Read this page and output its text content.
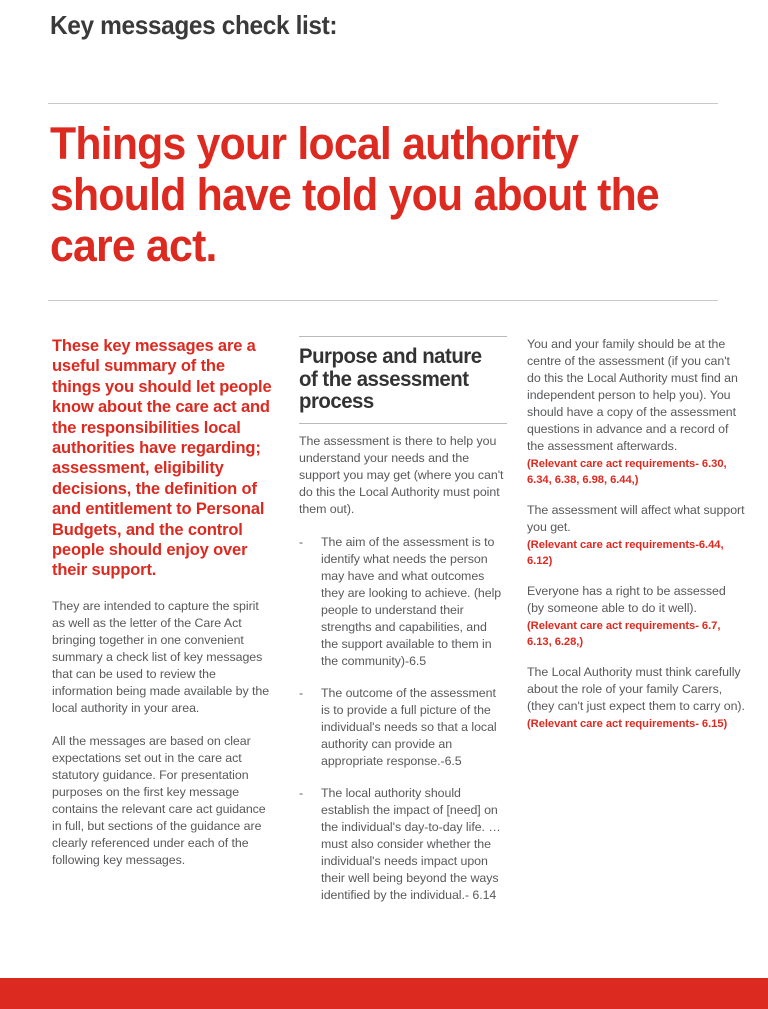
Key messages check list:
Things your local authority should have told you about the care act.
These key messages are a useful summary of the things you should let people know about the care act and the responsibilities local authorities have regarding; assessment, eligibility decisions, the definition of and entitlement to Personal Budgets, and the control people should enjoy over their support.
They are intended to capture the spirit as well as the letter of the Care Act bringing together in one convenient summary a check list of key messages that can be used to review the information being made available by the local authority in your area.
All the messages are based on clear expectations set out in the care act statutory guidance. For presentation purposes on the first key message contains the relevant care act guidance in full, but sections of the guidance are clearly referenced under each of the following key messages.
Purpose and nature of the assessment process
The assessment is there to help you understand your needs and the support you may get (where you can't do this the Local Authority must point them out).
-	The aim of the assessment is to identify what needs the person may have and what outcomes they are looking to achieve. (help people to understand their strengths and capabilities, and the support available to them in the community)-6.5
-	The outcome of the assessment is to provide a full picture of the individual's needs so that a local authority can provide an appropriate response.-6.5
-	The local authority should establish the impact of [need] on the individual's day-to-day life. …must also consider whether the individual's needs impact upon their well being beyond the ways identified by the individual.- 6.14
You and your family should be at the centre of the assessment (if you can't do this the Local Authority must find an independent person to help you). You should have a copy of the assessment questions in advance and a record of the assessment afterwards.
(Relevant care act requirements- 6.30, 6.34, 6.38, 6.98, 6.44,)
The assessment will affect what support you get.
(Relevant care act requirements-6.44, 6.12)
Everyone has a right to be assessed (by someone able to do it well).
(Relevant care act requirements- 6.7, 6.13, 6.28,)
The Local Authority must think carefully about the role of your family Carers, (they can't just expect them to carry on).
(Relevant care act requirements- 6.15)
